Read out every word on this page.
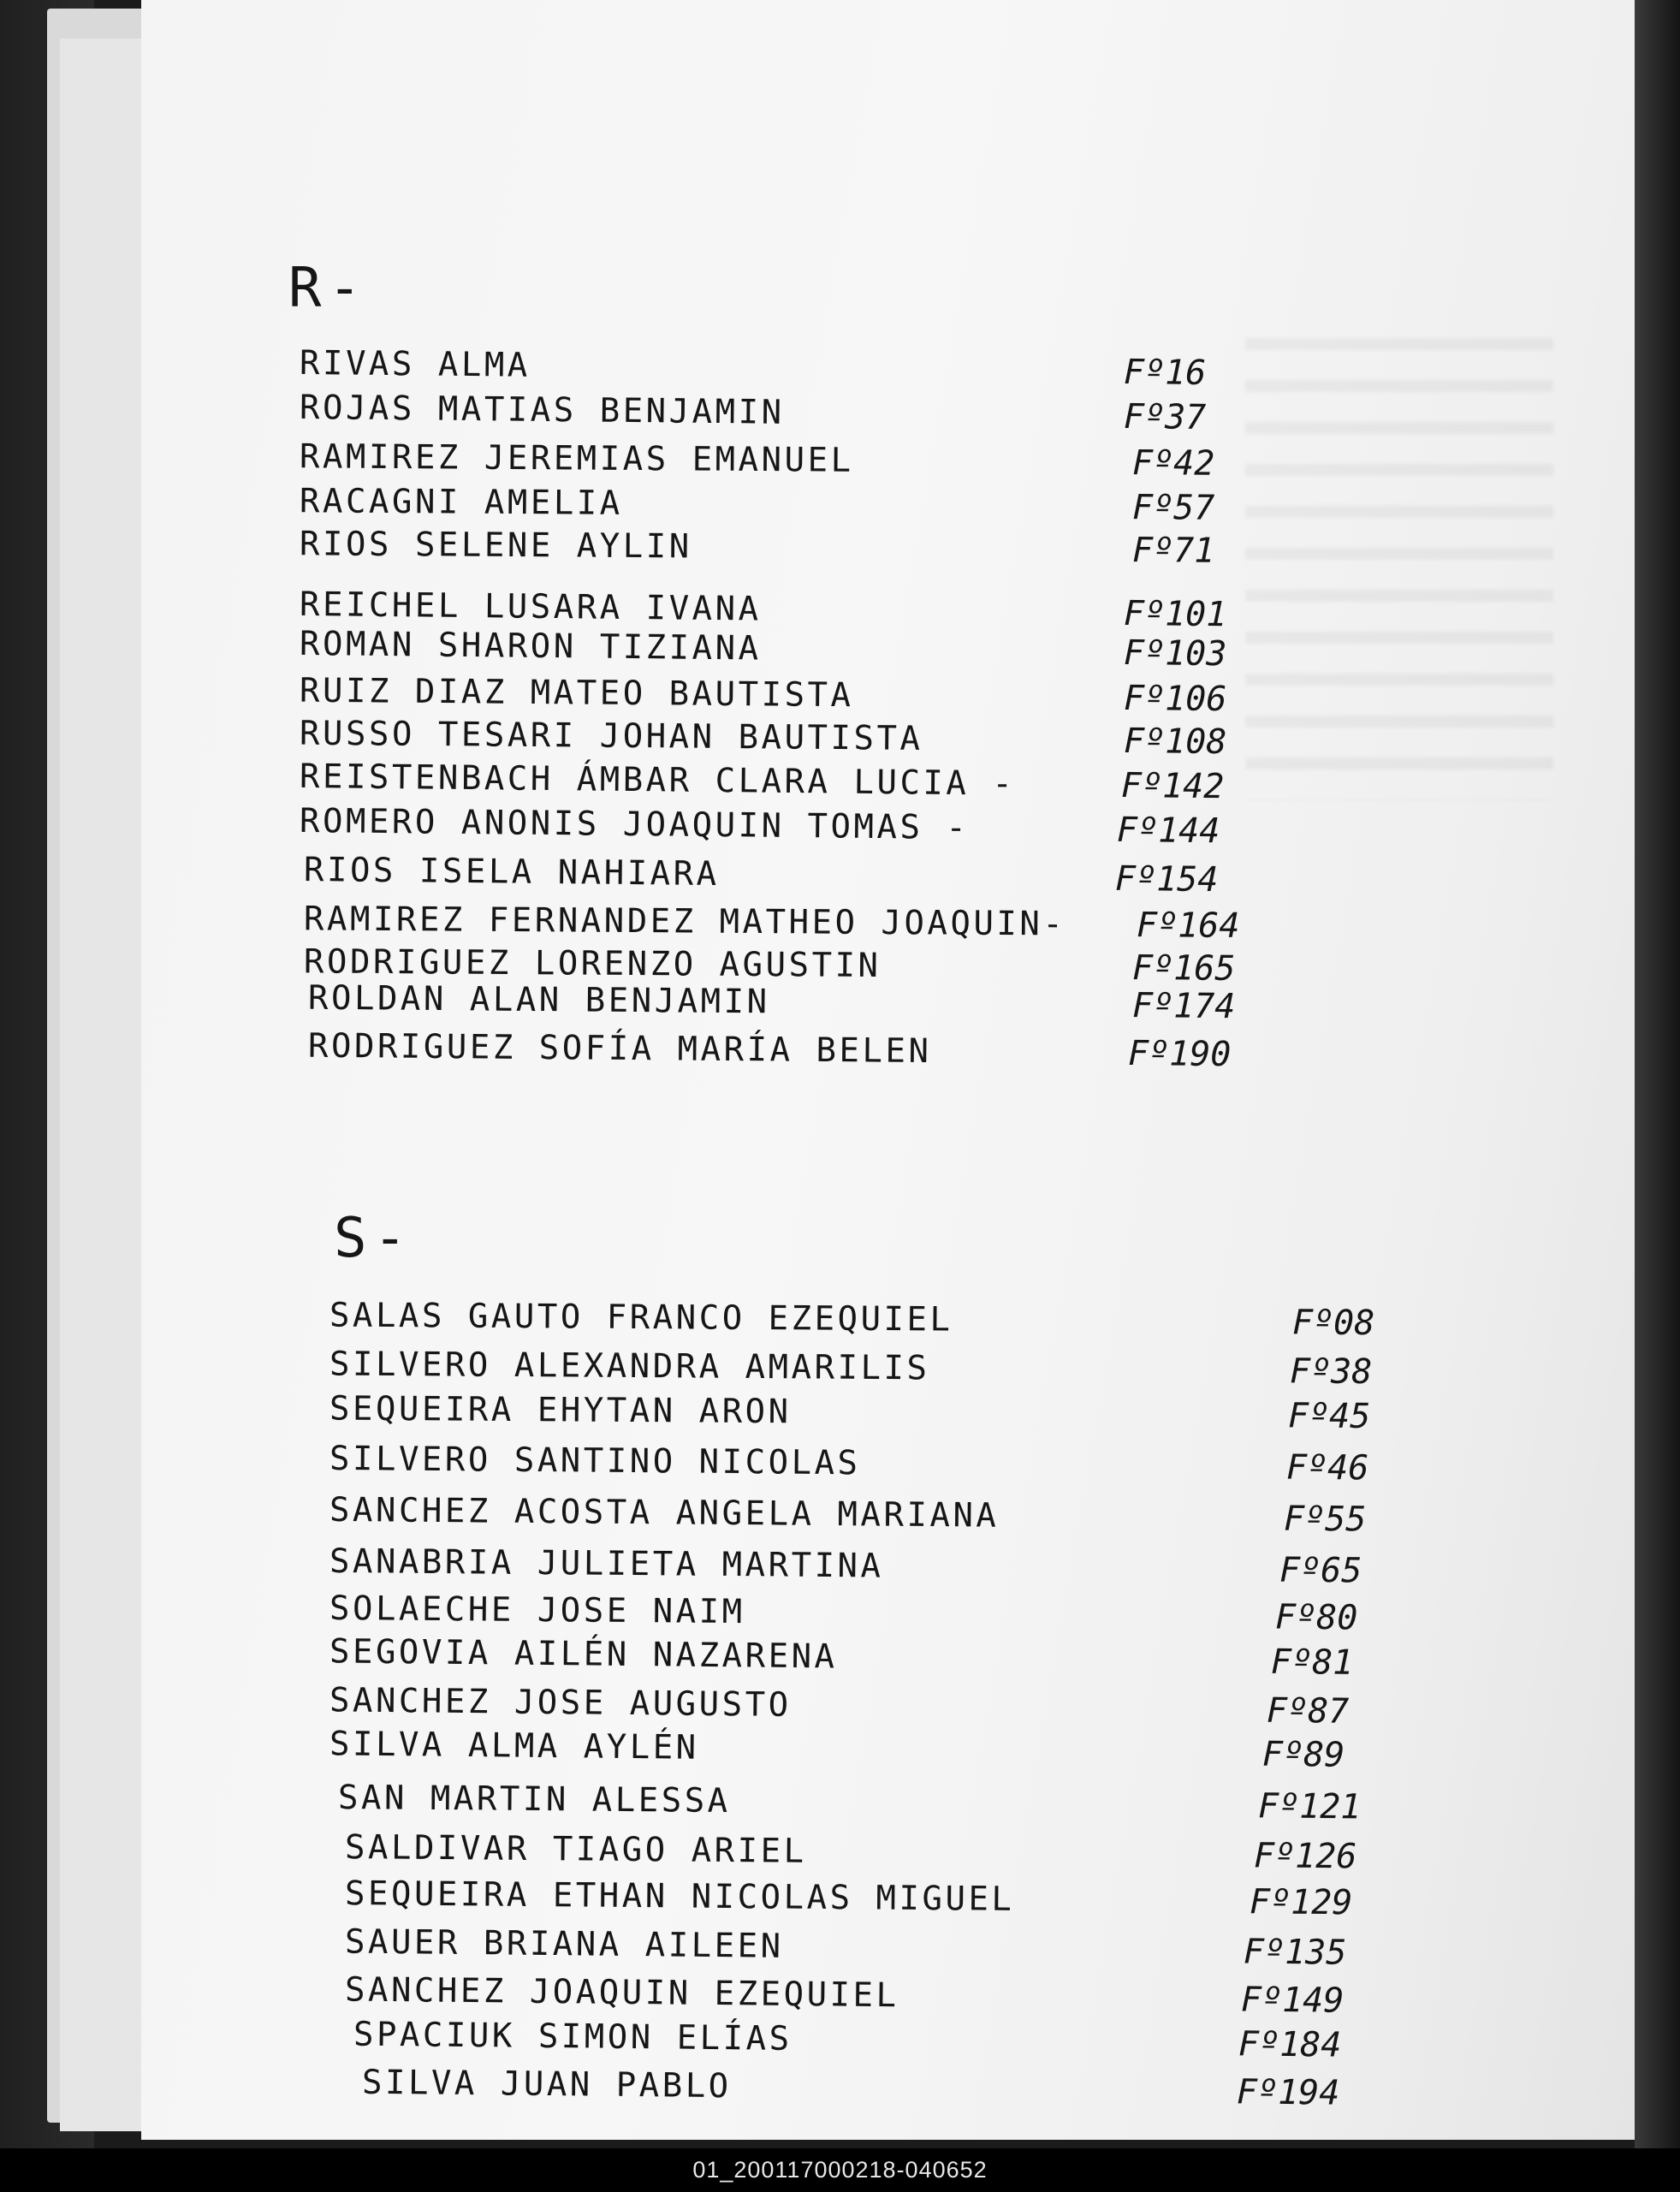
R-
RIVAS ALMA	Fº16
ROJAS MATIAS BENJAMIN	Fº37
RAMIREZ JEREMIAS EMANUEL	Fº42
RACAGNI AMELIA	Fº57
RIOS SELENE AYLIN	Fº71
REICHEL LUSARA IVANA	Fº101
ROMAN SHARON TIZIANA	Fº103
RUIZ DIAZ MATEO BAUTISTA	Fº106
RUSSO TESARI JOHAN BAUTISTA	Fº108
REISTENBACH ÁMBAR CLARA LUCIA -	Fº142
ROMERO ANONIS JOAQUIN TOMAS -	Fº144
RIOS ISELA NAHIARA	Fº154
RAMIREZ FERNANDEZ MATHEO JOAQUIN- Fº164
RODRIGUEZ LORENZO AGUSTIN	Fº165
ROLDAN ALAN BENJAMIN	Fº174
RODRIGUEZ SOFÍA MARÍA BELEN	Fº190
S-
SALAS GAUTO FRANCO EZEQUIEL	Fº08
SILVERO ALEXANDRA AMARILIS	Fº38
SEQUEIRA EHYTAN ARON	Fº45
SILVERO SANTINO NICOLAS	Fº46
SANCHEZ ACOSTA ANGELA MARIANA	Fº55
SANABRIA JULIETA MARTINA	Fº65
SOLAECHE JOSE NAIM	Fº80
SEGOVIA AILÉN NAZARENA	Fº81
SANCHEZ JOSE AUGUSTO	Fº87
SILVA ALMA AYLÉN	Fº89
SAN MARTIN ALESSA	Fº121
SALDIVAR TIAGO ARIEL	Fº126
SEQUEIRA ETHAN NICOLAS MIGUEL	Fº129
SAUER BRIANA AILEEN	Fº135
SANCHEZ JOAQUIN EZEQUIEL	Fº149
SPACIUK SIMON ELÍAS	Fº184
SILVA JUAN PABLO	Fº194
01_200117000218-040652
